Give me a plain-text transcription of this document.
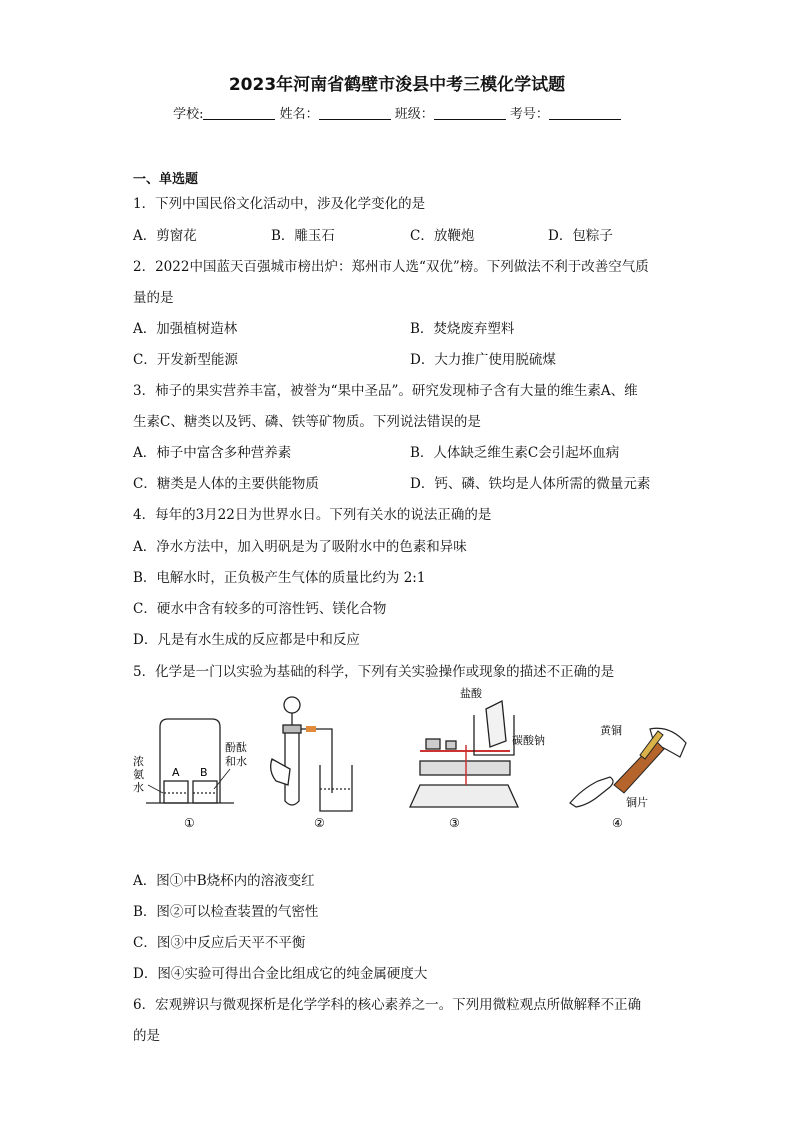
2023年河南省鹤壁市浚县中考三模化学试题
学校:	姓名：	班级：	考号：
一、单选题
1．下列中国民俗文化活动中，涉及化学变化的是
A．剪窗花	B．雕玉石	C．放鞭炮	D．包粽子
2．2022中国蓝天百强城市榜出炉：郑州市人选“双优”榜。下列做法不利于改善空气质
量的是
A．加强植树造林	B．焚烧废弃塑料
C．开发新型能源	D．大力推广使用脱硫煤
3．柿子的果实营养丰富，被誉为“果中圣品”。研究发现柿子含有大量的维生素A、维
生素C、糖类以及钙、磷、铁等矿物质。下列说法错误的是
A．柿子中富含多种营养素	B．人体缺乏维生素C会引起坏血病
C．糖类是人体的主要供能物质	D．钙、磷、铁均是人体所需的微量元素
4．每年的3月22日为世界水日。下列有关水的说法正确的是
A．净水方法中，加入明矾是为了吸附水中的色素和异味
B．电解水时，正负极产生气体的质量比约为 2:1
C．硬水中含有较多的可溶性钙、镁化合物
D．凡是有水生成的反应都是中和反应
5．化学是一门以实验为基础的科学，下列有关实验操作或现象的描述不正确的是
A B
浓
氨
水
酚酞
和水
①	②
盐酸
碳酸钠
③
黄铜
铜片
④
A．图①中B烧杯内的溶液变红
B．图②可以检查装置的气密性
C．图③中反应后天平不平衡
D．图④实验可得出合金比组成它的纯金属硬度大
6．宏观辨识与微观探析是化学学科的核心素养之一。下列用微粒观点所做解释不正确
的是
